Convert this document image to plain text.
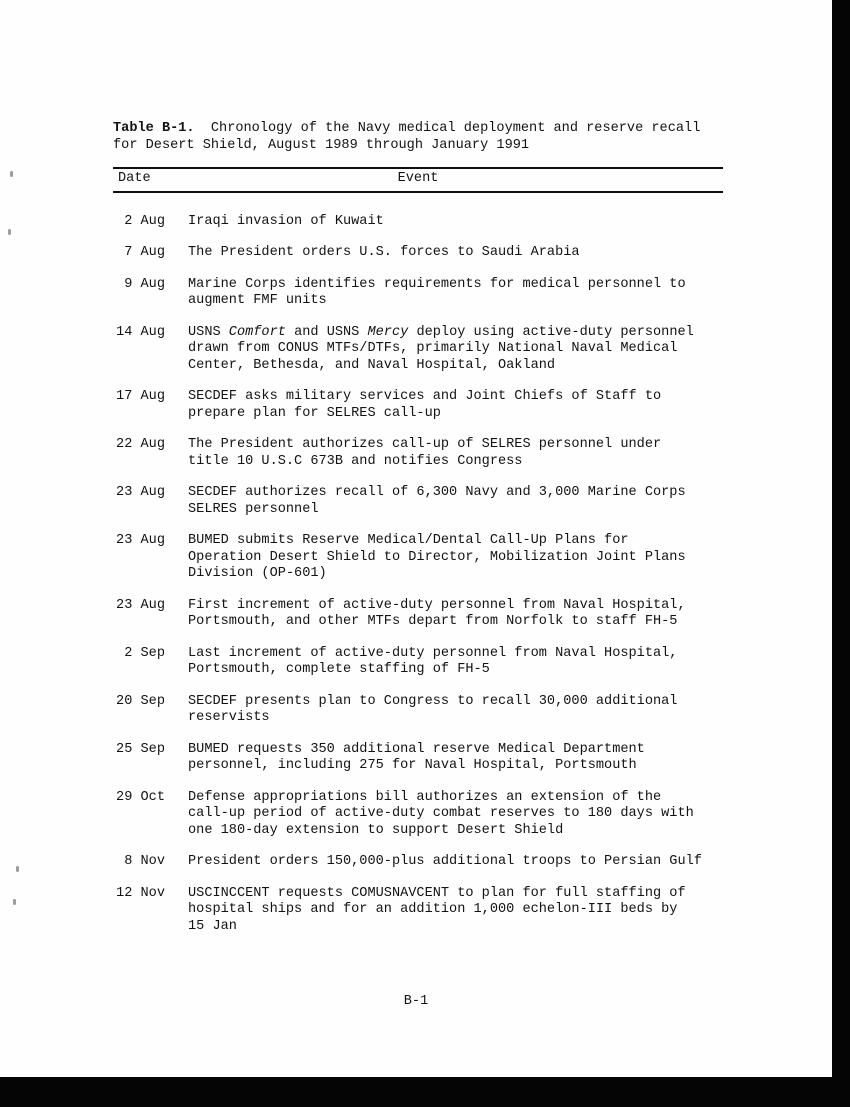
Table B-1.  Chronology of the Navy medical deployment and reserve recall
for Desert Shield, August 1989 through January 1991
Date	Event
2 Aug Iraqi invasion of Kuwait
7 Aug The President orders U.S. forces to Saudi Arabia
9 Aug Marine Corps identifies requirements for medical personnel to
augment FMF units
14 Aug USNS Comfort and USNS Mercy deploy using active-duty personnel
drawn from CONUS MTFs/DTFs, primarily National Naval Medical
Center, Bethesda, and Naval Hospital, Oakland
17 Aug SECDEF asks military services and Joint Chiefs of Staff to
prepare plan for SELRES call-up
22 Aug The President authorizes call-up of SELRES personnel under
title 10 U.S.C 673B and notifies Congress
23 Aug SECDEF authorizes recall of 6,300 Navy and 3,000 Marine Corps
SELRES personnel
23 Aug BUMED submits Reserve Medical/Dental Call-Up Plans for
Operation Desert Shield to Director, Mobilization Joint Plans
Division (OP-601)
23 Aug First increment of active-duty personnel from Naval Hospital,
Portsmouth, and other MTFs depart from Norfolk to staff FH-5
2 Sep Last increment of active-duty personnel from Naval Hospital,
Portsmouth, complete staffing of FH-5
20 Sep SECDEF presents plan to Congress to recall 30,000 additional
reservists
25 Sep BUMED requests 350 additional reserve Medical Department
personnel, including 275 for Naval Hospital, Portsmouth
29 Oct Defense appropriations bill authorizes an extension of the
call-up period of active-duty combat reserves to 180 days with
one 180-day extension to support Desert Shield
8 Nov President orders 150,000-plus additional troops to Persian Gulf
12 Nov USCINCCENT requests COMUSNAVCENT to plan for full staffing of
hospital ships and for an addition 1,000 echelon-III beds by
15 Jan
B-1
